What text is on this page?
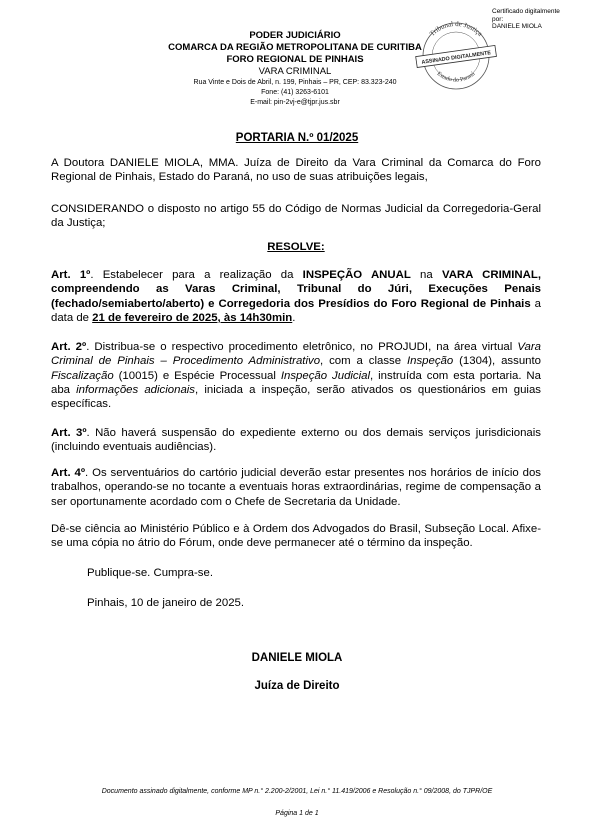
Certificado digitalmente por:
DANIELE MIOLA
Tribunal de Justiça
ASSINADO DIGITALMENTE
Estado do Paraná
PODER JUDICIÁRIO
COMARCA DA REGIÃO METROPOLITANA DE CURITIBA
FORO REGIONAL DE PINHAIS
VARA CRIMINAL
Rua Vinte e Dois de Abril, n. 199, Pinhais – PR, CEP: 83.323-240
Fone: (41) 3263-6101
E-mail: pin-2vj-e@tjpr.jus.sbr
PORTARIA N.º 01/2025
A Doutora DANIELE MIOLA, MMA. Juíza de Direito da Vara Criminal da Comarca do Foro Regional de Pinhais, Estado do Paraná, no uso de suas atribuições legais,
CONSIDERANDO o disposto no artigo 55 do Código de Normas Judicial da Corregedoria-Geral da Justiça;
RESOLVE:
Art. 1º. Estabelecer para a realização da INSPEÇÃO ANUAL na VARA CRIMINAL, compreendendo as Varas Criminal, Tribunal do Júri, Execuções Penais (fechado/semiaberto/aberto) e Corregedoria dos Presídios do Foro Regional de Pinhais a data de 21 de fevereiro de 2025, às 14h30min.
Art. 2º. Distribua-se o respectivo procedimento eletrônico, no PROJUDI, na área virtual Vara Criminal de Pinhais – Procedimento Administrativo, com a classe Inspeção (1304), assunto Fiscalização (10015) e Espécie Processual Inspeção Judicial, instruída com esta portaria. Na aba informações adicionais, iniciada a inspeção, serão ativados os questionários em guias específicas.
Art. 3º. Não haverá suspensão do expediente externo ou dos demais serviços jurisdicionais (incluindo eventuais audiências).
Art. 4º. Os serventuários do cartório judicial deverão estar presentes nos horários de início dos trabalhos, operando-se no tocante a eventuais horas extraordinárias, regime de compensação a ser oportunamente acordado com o Chefe de Secretaria da Unidade.
Dê-se ciência ao Ministério Público e à Ordem dos Advogados do Brasil, Subseção Local. Afixe-se uma cópia no átrio do Fórum, onde deve permanecer até o término da inspeção.
Publique-se. Cumpra-se.
Pinhais, 10 de janeiro de 2025.
DANIELE MIOLA
Juíza de Direito
Documento assinado digitalmente, conforme MP n.° 2.200-2/2001, Lei n.° 11.419/2006 e Resolução n.° 09/2008, do TJPR/OE
Página 1 de 1
